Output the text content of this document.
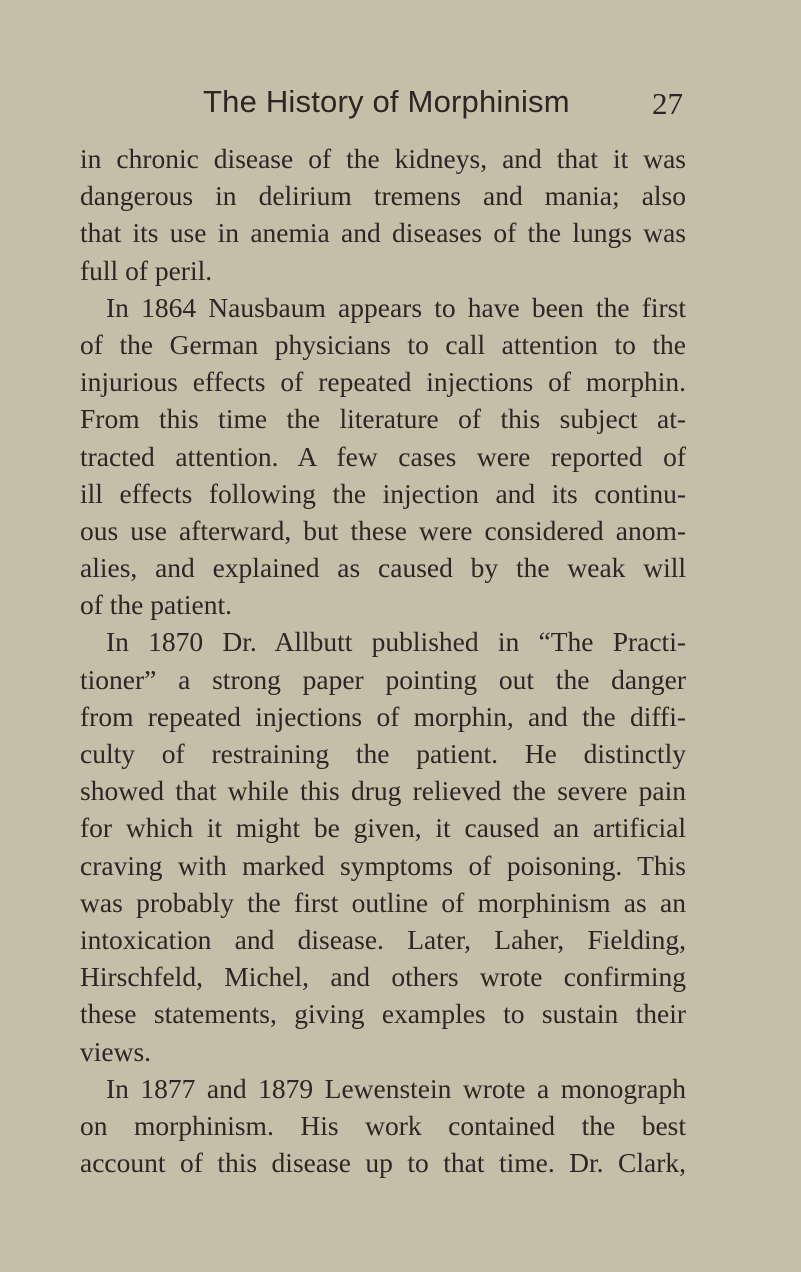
The History of Morphinism	27
in chronic disease of the kidneys, and that it was
dangerous in delirium tremens and mania; also
that its use in anemia and diseases of the lungs was
full of peril.
In 1864 Nausbaum appears to have been the first
of the German physicians to call attention to the
injurious effects of repeated injections of morphin.
From this time the literature of this subject at-
tracted attention. A few cases were reported of
ill effects following the injection and its continu-
ous use afterward, but these were considered anom-
alies, and explained as caused by the weak will
of the patient.
In 1870 Dr. Allbutt published in “The Practi-
tioner” a strong paper pointing out the danger
from repeated injections of morphin, and the diffi-
culty of restraining the patient. He distinctly
showed that while this drug relieved the severe pain
for which it might be given, it caused an artificial
craving with marked symptoms of poisoning. This
was probably the first outline of morphinism as an
intoxication and disease. Later, Laher, Fielding,
Hirschfeld, Michel, and others wrote confirming
these statements, giving examples to sustain their
views.
In 1877 and 1879 Lewenstein wrote a monograph
on morphinism. His work contained the best
account of this disease up to that time. Dr. Clark,
